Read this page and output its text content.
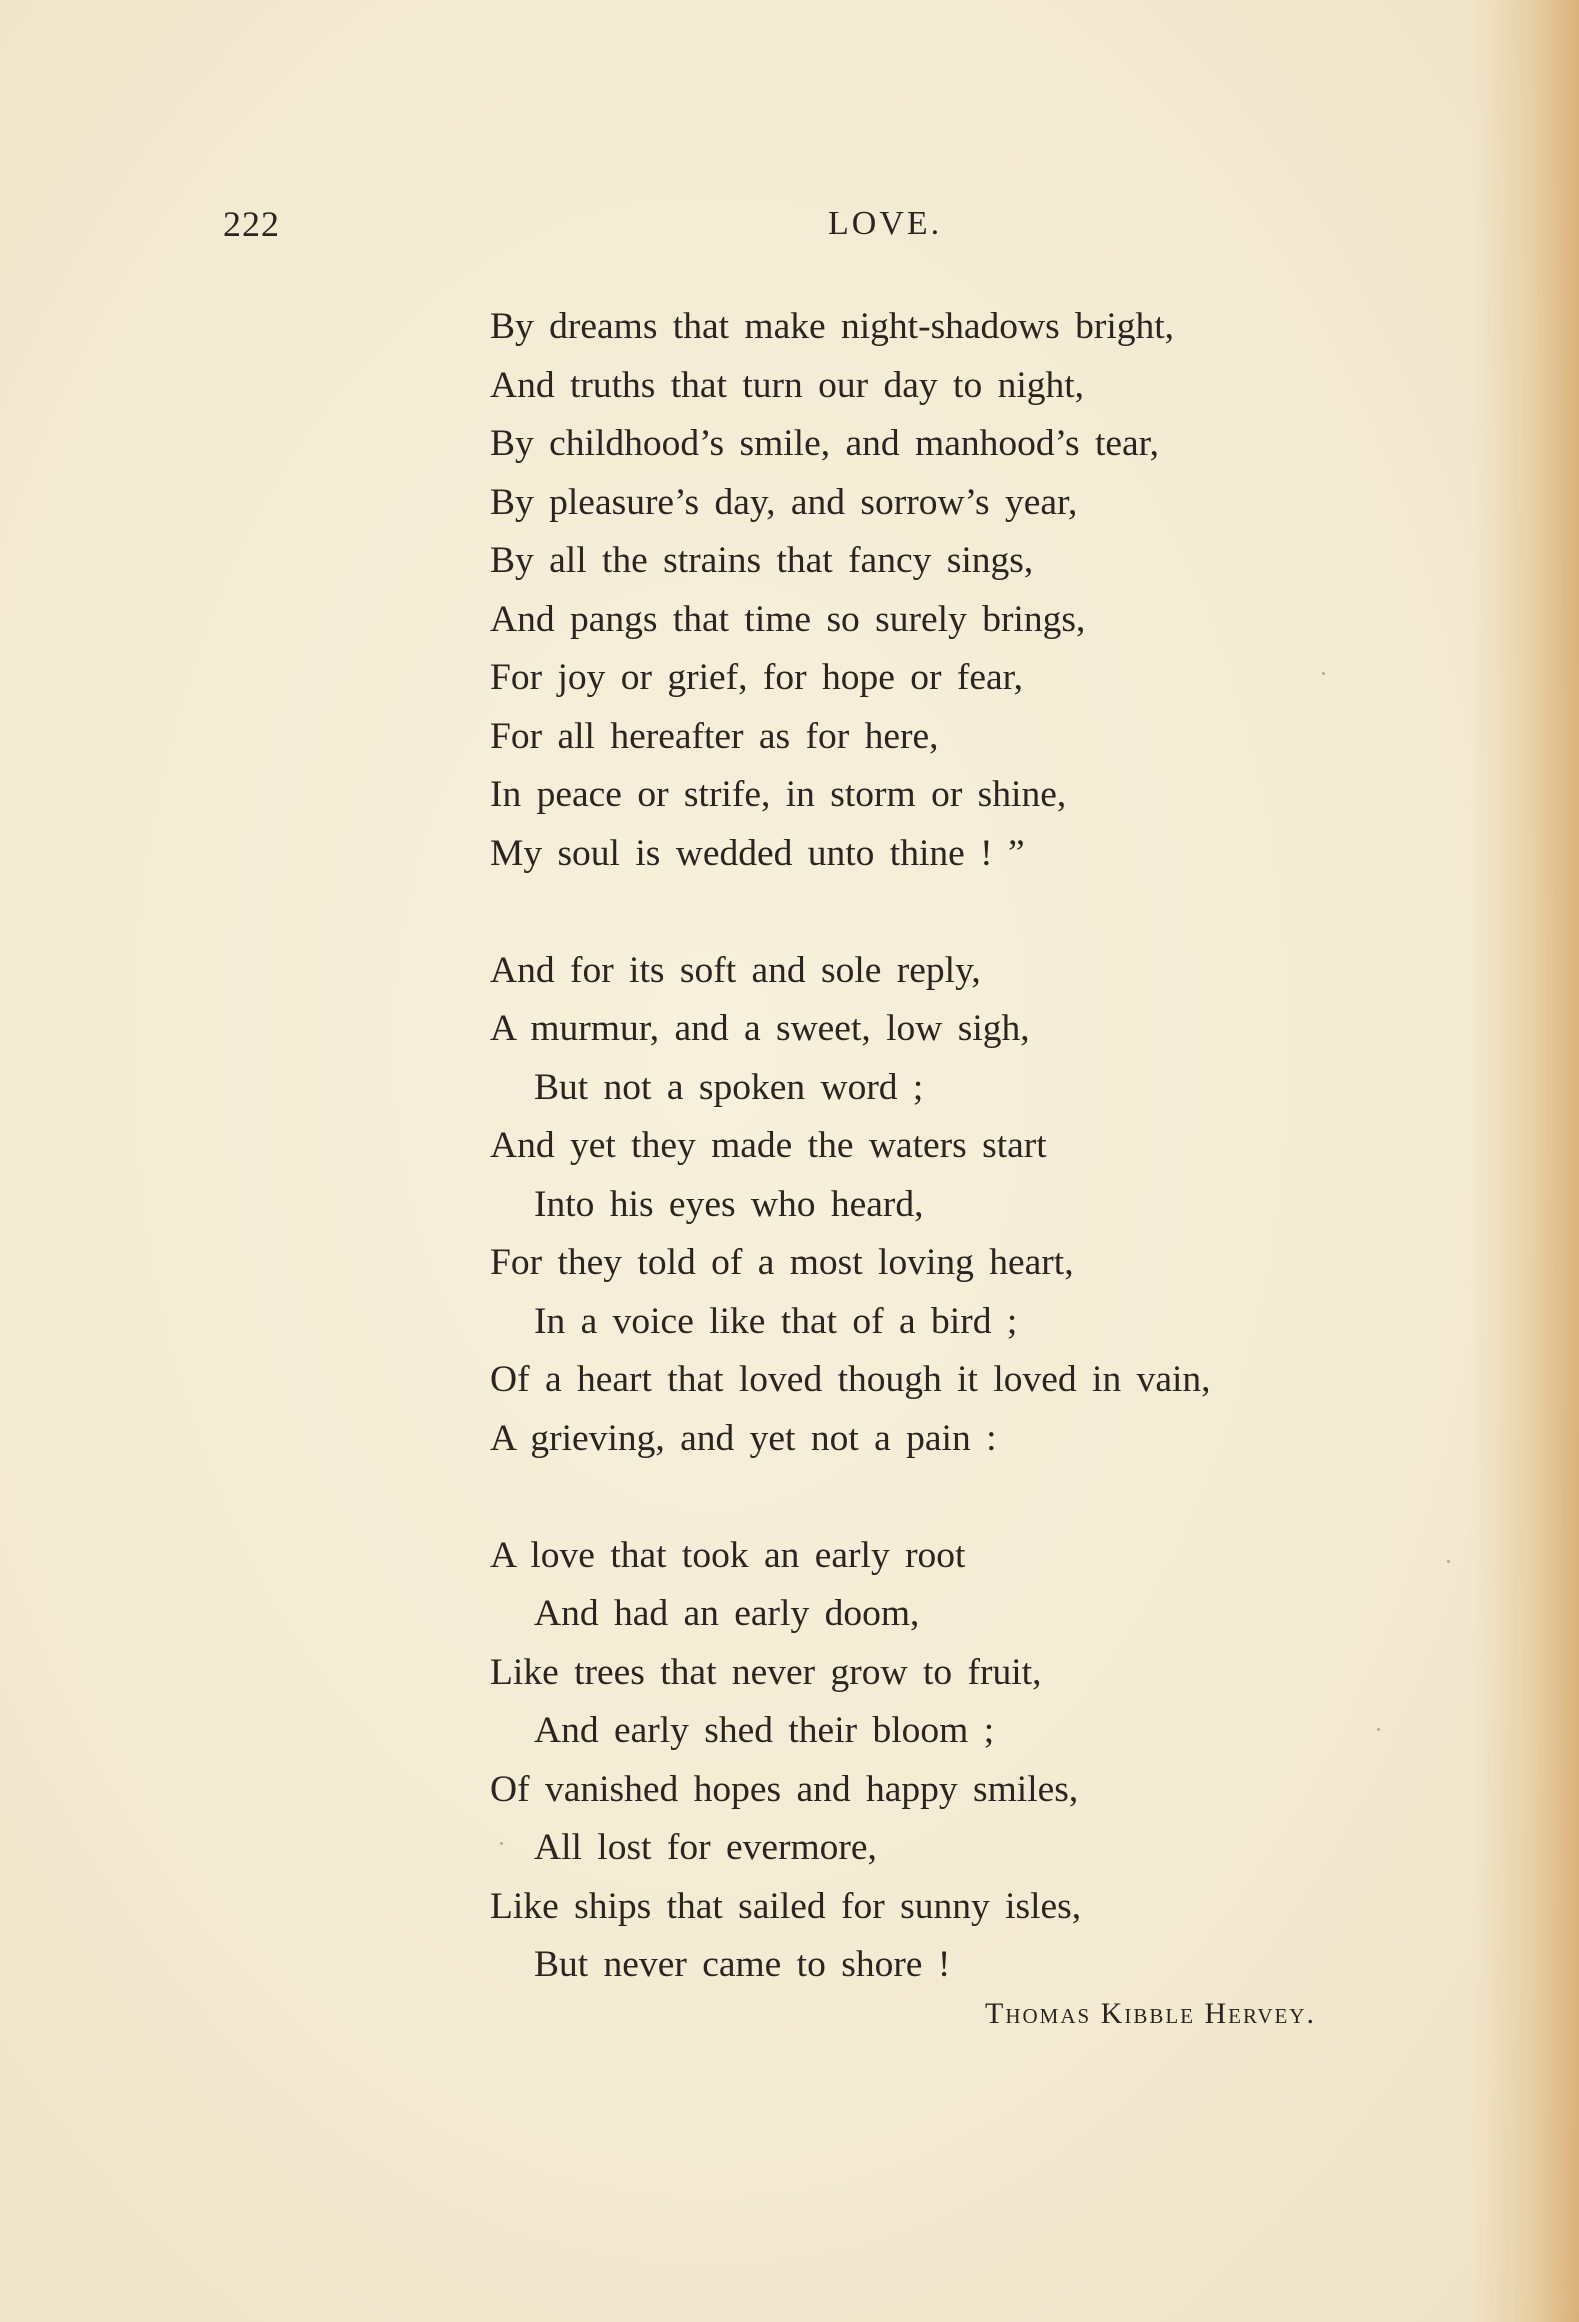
222	LOVE.
By dreams that make night-shadows bright,
And truths that turn our day to night,
By childhood’s smile, and manhood’s tear,
By pleasure’s day, and sorrow’s year,
By all the strains that fancy sings,
And pangs that time so surely brings,
For joy or grief, for hope or fear,
For all hereafter as for here,
In peace or strife, in storm or shine,
My soul is wedded unto thine ! ”
And for its soft and sole reply,
A murmur, and a sweet, low sigh,
But not a spoken word ;
And yet they made the waters start
Into his eyes who heard,
For they told of a most loving heart,
In a voice like that of a bird ;
Of a heart that loved though it loved in vain,
A grieving, and yet not a pain :
A love that took an early root
And had an early doom,
Like trees that never grow to fruit,
And early shed their bloom ;
Of vanished hopes and happy smiles,
All lost for evermore,
Like ships that sailed for sunny isles,
But never came to shore !
Thomas Kibble Hervey.
